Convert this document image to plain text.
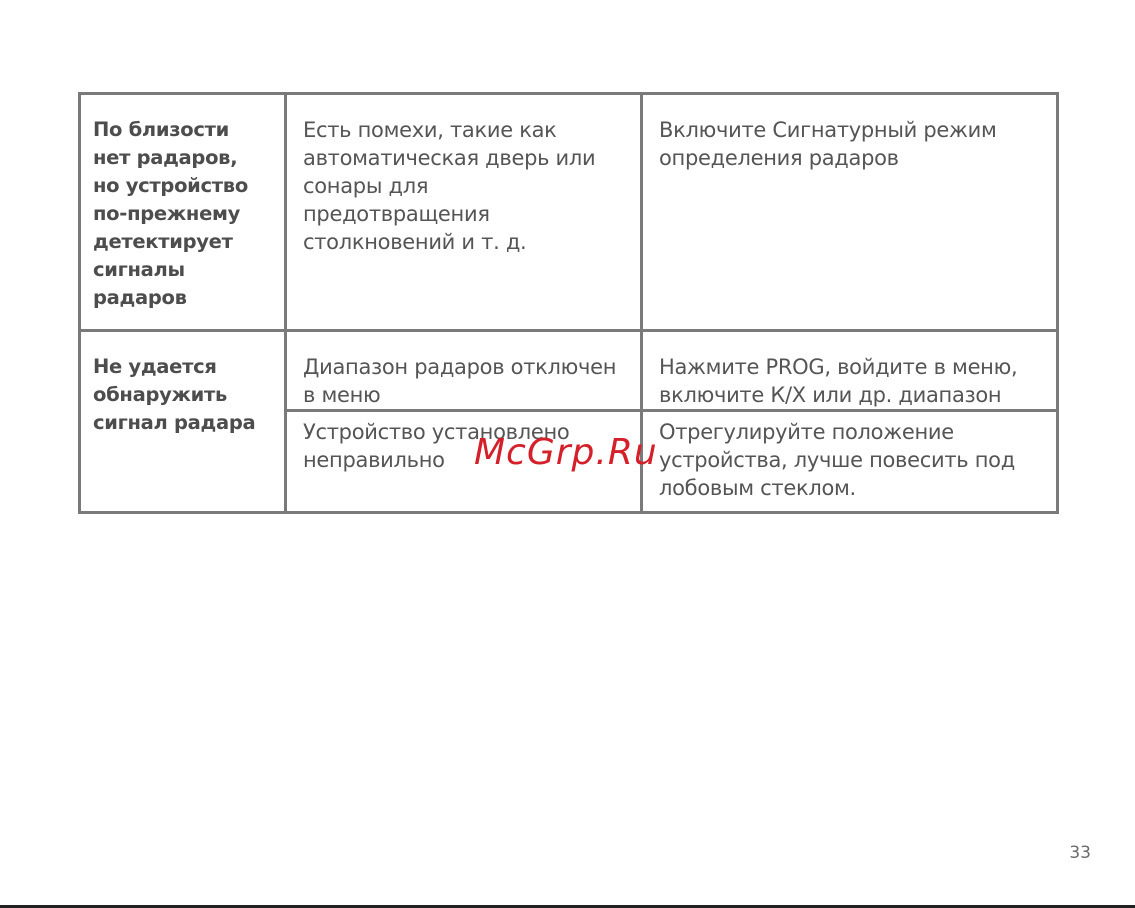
По близости нет радаров, но устройство по-прежнему детектирует сигналы радаров	Есть помехи, такие как автоматическая дверь или сонары для предотвращения столкновений и т. д.	Включите Сигнатурный режим определения радаров

Не удается обнаружить сигнал радара	Диапазон радаров отключен в меню	Нажмите PROG, войдите в меню, включите К/Х или др. диапазон

	Устройство установлено неправильно	Отрегулируйте положение устройства, лучше повесить под лобовым стеклом.
McGrp.Ru
33
